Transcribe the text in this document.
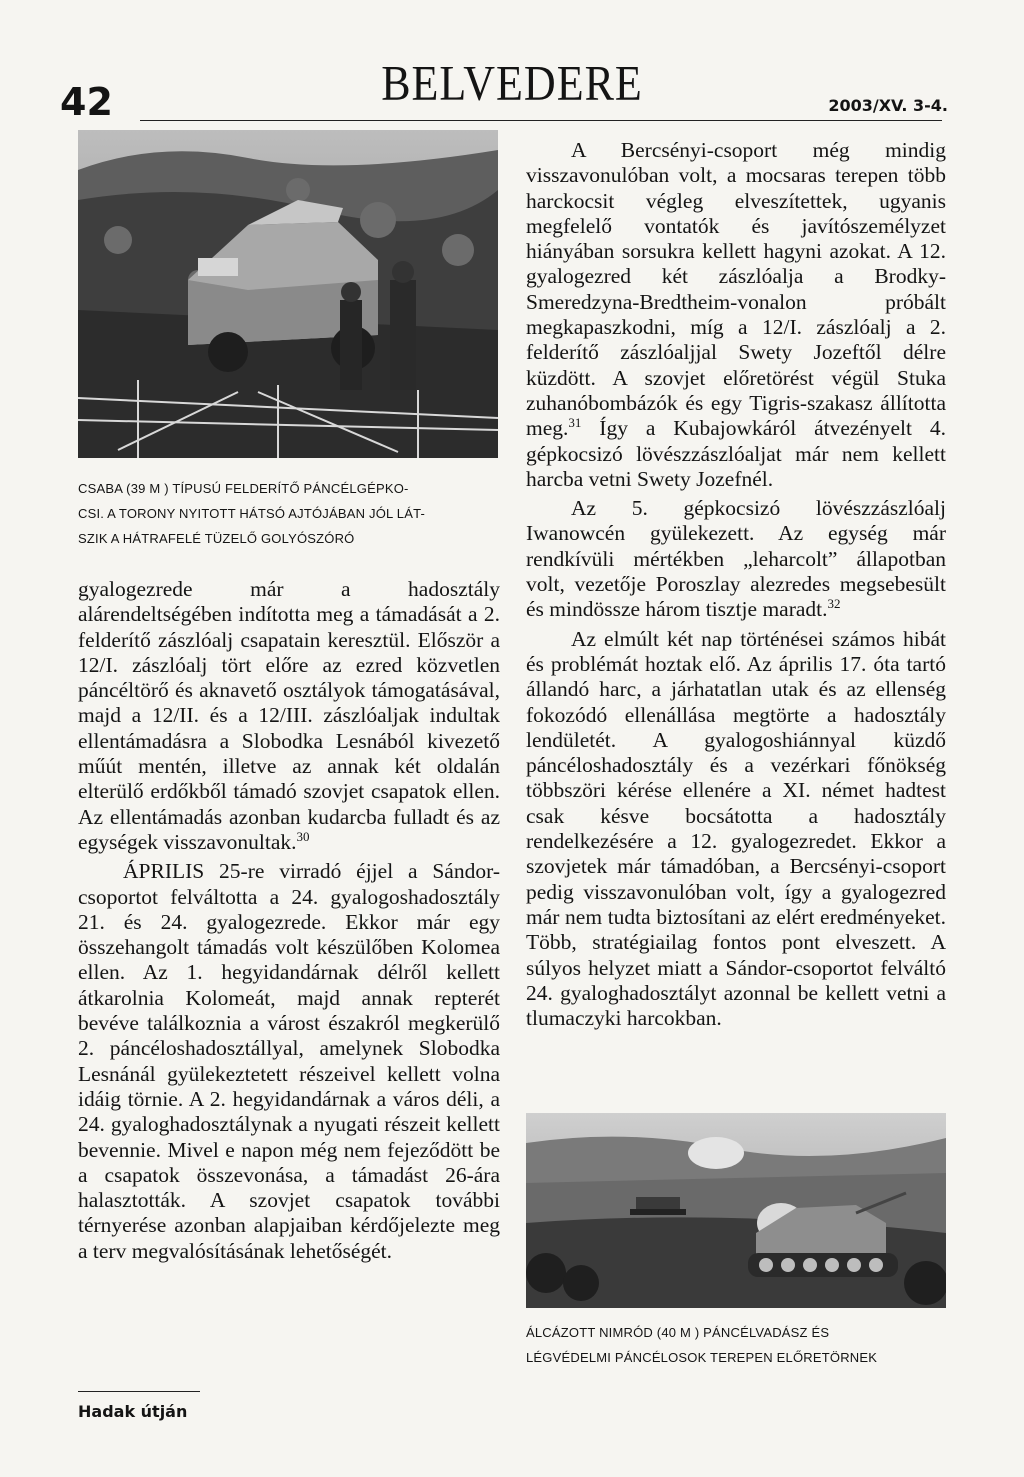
42	BELVEDERE	2003/XV. 3-4.
CSABA (39 M ) TÍPUSÚ FELDERÍTŐ PÁNCÉLGÉPKO-
CSI. A TORONY NYITOTT HÁTSÓ AJTÓJÁBAN JÓL LÁT-
SZIK A HÁTRAFELÉ TÜZELŐ GOLYÓSZÓRÓ

gyalogezrede már a hadosztály alárendeltségében indította meg a támadását a 2. felderítő zászlóalj csapatain keresztül. Először a 12/I. zászlóalj tört előre az ezred közvetlen páncéltörő és aknavető osztályok támogatásával, majd a 12/II. és a 12/III. zászlóaljak indultak ellentámadásra a Slobodka Lesnából kivezető műút mentén, illetve az annak két oldalán elterülő erdőkből támadó szovjet csapatok ellen. Az ellentámadás azonban kudarcba fulladt és az egységek visszavonultak.$^{30}$

ÁPRILIS 25-re virradó éjjel a Sándor-csoportot felváltotta a 24. gyalogoshadosztály 21. és 24. gyalogezrede. Ekkor már egy összehangolt támadás volt készülőben Kolomea ellen. Az 1. hegyidandárnak délről kellett átkarolnia Kolomeát, majd annak repterét bevéve találkoznia a várost északról megkerülő 2. páncéloshadosztállyal, amelynek Slobodka Lesnánál gyülekeztetett részeivel kellett volna idáig törnie. A 2. hegyidandárnak a város déli, a 24. gyaloghadosztálynak a nyugati részeit kellett bevennie. Mivel e napon még nem fejeződött be a csapatok összevonása, a támadást 26-ára halasztották. A szovjet csapatok további térnyerése azonban alapjaiban kérdőjelezte meg a terv megvalósításának lehetőségét.

A Bercsényi-csoport még mindig visszavonulóban volt, a mocsaras terepen több harckocsit végleg elveszítettek, ugyanis megfelelő vontatók és javítószemélyzet hiányában sorsukra kellett hagyni azokat. A 12. gyalogezred két zászlóalja a Brodky-Smeredzyna-Bredtheim-vonalon próbált megkapaszkodni, míg a 12/I. zászlóalj a 2. felderítő zászlóaljjal Swety Jozeftől délre küzdött. A szovjet előretörést végül Stuka zuhanóbombázók és egy Tigris-szakasz állította meg.$^{31}$ Így a Kubajowkáról átvezényelt 4. gépkocsizó lövészzászlóaljat már nem kellett harcba vetni Swety Jozefnél.

Az 5. gépkocsizó lövészzászlóalj Iwanowcén gyülekezett. Az egység már rendkívüli mértékben „leharcolt” állapotban volt, vezetője Poroszlay alezredes megsebesült és mindössze három tisztje maradt.$^{32}$

Az elmúlt két nap történései számos hibát és problémát hoztak elő. Az április 17. óta tartó állandó harc, a járhatatlan utak és az ellenség fokozódó ellenállása megtörte a hadosztály lendületét. A gyalogoshiánnyal küzdő páncéloshadosztály és a vezérkari főnökség többszöri kérése ellenére a XI. német hadtest csak késve bocsátotta a hadosztály rendelkezésére a 12. gyalogezredet. Ekkor a szovjetek már támadóban, a Bercsényi-csoport pedig visszavonulóban volt, így a gyalogezred már nem tudta biztosítani az elért eredményeket. Több, stratégiailag fontos pont elveszett. A súlyos helyzet miatt a Sándor-csoportot felváltó 24. gyaloghadosztályt azonnal be kellett vetni a tlumaczyki harcokban.

ÁLCÁZOTT NIMRÓD (40 M ) PÁNCÉLVADÁSZ ÉS
LÉGVÉDELMI PÁNCÉLOSOK TEREPEN ELŐRETÖRNEK
Hadak útján
